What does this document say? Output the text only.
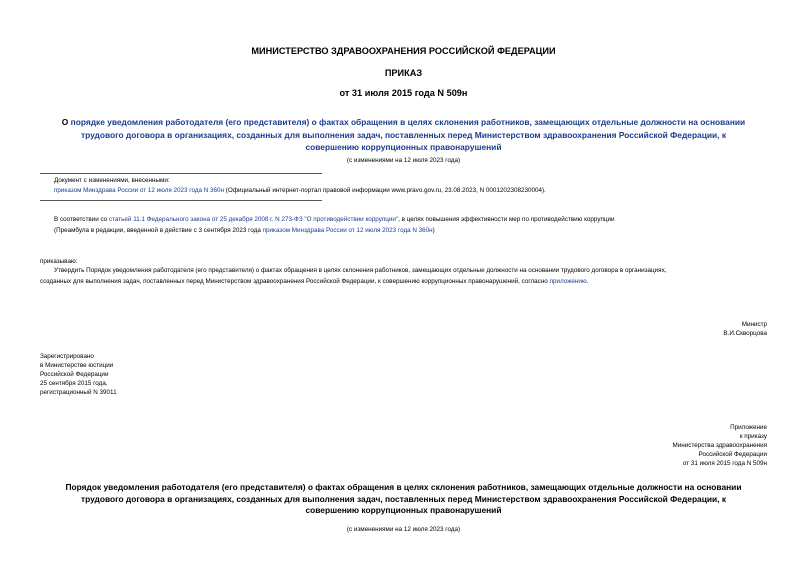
МИНИСТЕРСТВО ЗДРАВООХРАНЕНИЯ РОССИЙСКОЙ ФЕДЕРАЦИИ
ПРИКАЗ
от 31 июля 2015 года N 509н
О порядке уведомления работодателя (его представителя) о фактах обращения в целях склонения работников, замещающих отдельные должности на основании
трудового договора в организациях, созданных для выполнения задач, поставленных перед Министерством здравоохранения Российской Федерации, к
совершению коррупционных правонарушений
(с изменениями на 12 июля 2023 года)
Документ с изменениями, внесенными:
приказом Минздрава России от 12 июля 2023 года N 360н (Официальный интернет-портал правовой информации www.pravo.gov.ru, 23.08.2023, N 0001202308230004).
В соответствии со статьей 11.1 Федерального закона от 25 декабря 2008 г. N 273-ФЗ "О противодействии коррупции", в целях повышения эффективности мер по противодействию коррупции
(Преамбула в редакции, введенной в действие с 3 сентября 2023 года приказом Минздрава России от 12 июля 2023 года N 360н)
приказываю:
Утвердить Порядок уведомления работодателя (его представителя) о фактах обращения в целях склонения работников, замещающих отдельные должности на основании трудового договора в организациях,
созданных для выполнения задач, поставленных перед Министерством здравоохранения Российской Федерации, к совершению коррупционных правонарушений, согласно приложению.
Министр
В.И.Скворцова
Зарегистрировано
в Министерстве юстиции
Российской Федерации
25 сентября 2015 года,
регистрационный N 39011
Приложение
к приказу
Министерства здравоохранения
Российской Федерации
от 31 июля 2015 года N 509н
Порядок уведомления работодателя (его представителя) о фактах обращения в целях склонения работников, замещающих отдельные должности на основании
трудового договора в организациях, созданных для выполнения задач, поставленных перед Министерством здравоохранения Российской Федерации, к
совершению коррупционных правонарушений
(с изменениями на 12 июля 2023 года)
